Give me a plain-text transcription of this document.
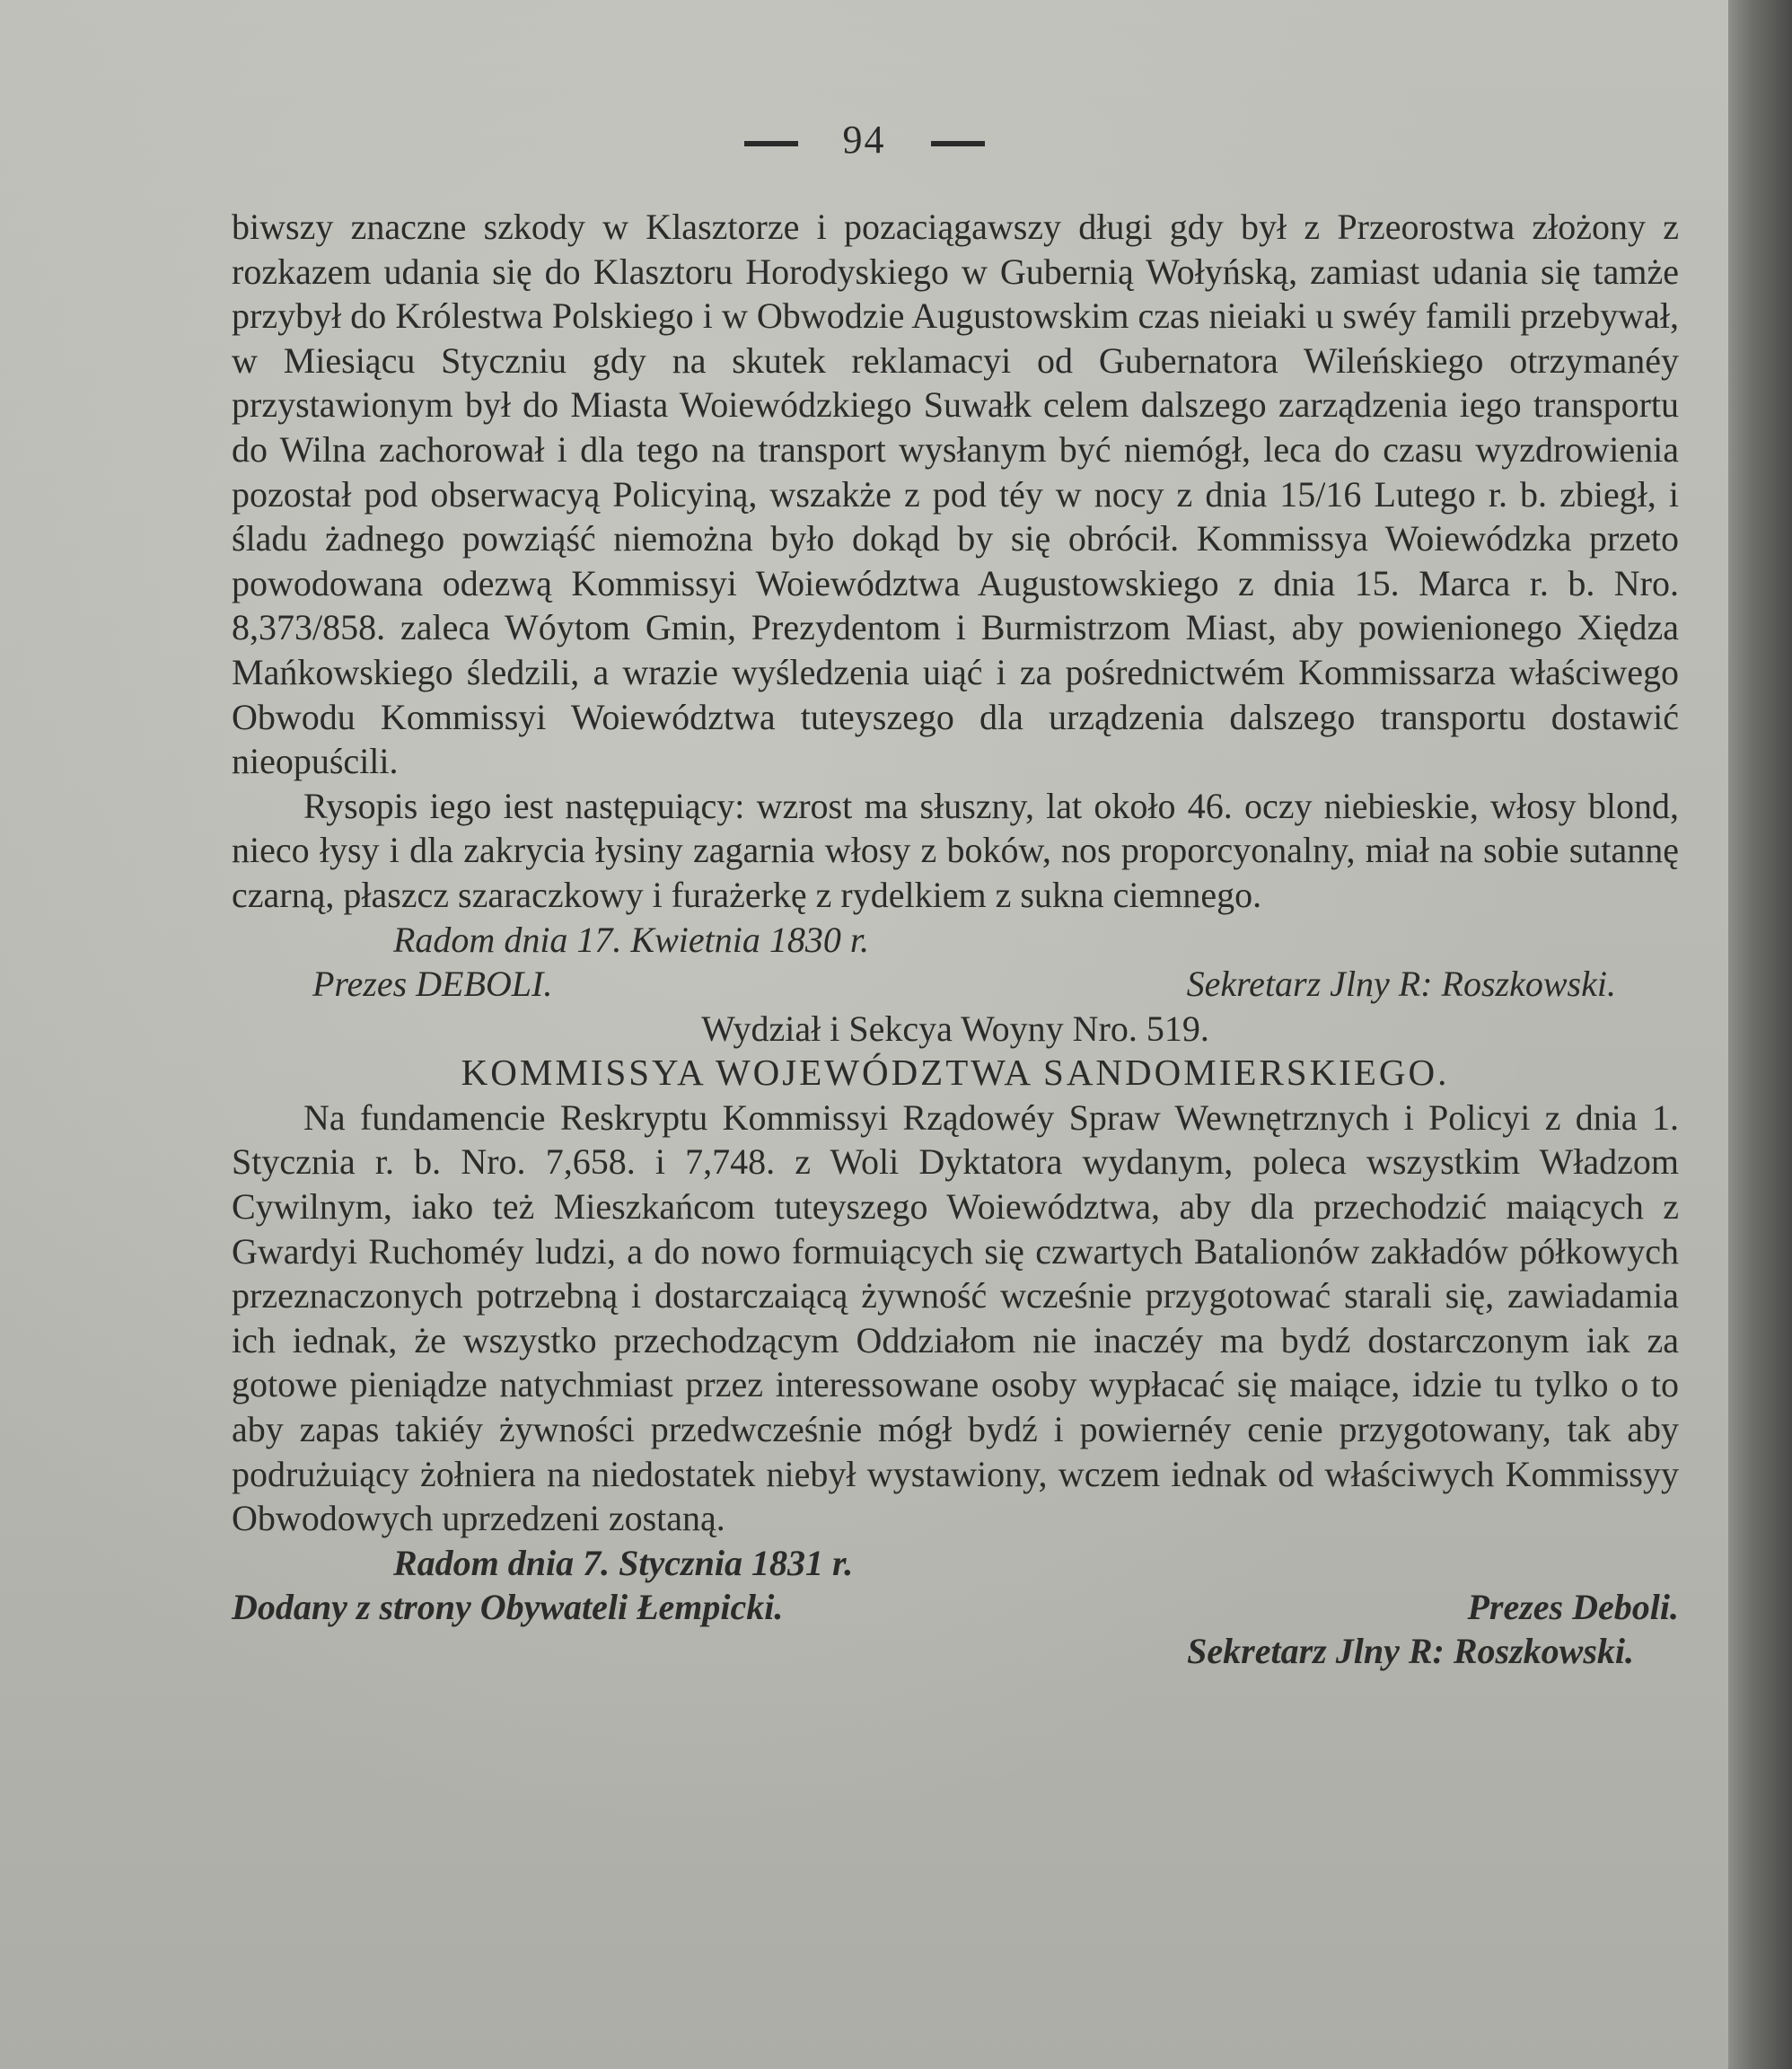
94

biwszy znaczne szkody w Klasztorze i pozaciągawszy długi gdy był z Przeorostwa złożony z rozkazem udania się do Klasztoru Horodyskiego w Gubernią Wołyńską, zamiast udania się tamże przybył do Królestwa Polskiego i w Obwodzie Augustowskim czas nieiaki u swéy famili przebywał, w Miesiącu Styczniu gdy na skutek reklamacyi od Gubernatora Wileńskiego otrzymanéy przystawionym był do Miasta Woiewódzkiego Suwałk celem dalszego zarządzenia iego transportu do Wilna zachorował i dla tego na transport wysłanym być niemógł, leca do czasu wyzdrowienia pozostał pod obserwacyą Policyiną, wszakże z pod téy w nocy z dnia 15/16 Lutego r. b. zbiegł, i śladu żadnego powziąść niemożna było dokąd by się obrócił. Kommissya Woiewódzka przeto powodowana odezwą Kommissyi Woiewództwa Augustowskiego z dnia 15. Marca r. b. Nro. 8,373/858. zaleca Wóytom Gmin, Prezydentom i Burmistrzom Miast, aby powienionego Xiędza Mańkowskiego śledzili, a wrazie wyśledzenia uiąć i za pośrednictwém Kommissarza właściwego Obwodu Kommissyi Woiewództwa tuteyszego dla urządzenia dalszego transportu dostawić nieopuścili.

Rysopis iego iest następuiący: wzrost ma słuszny, lat około 46. oczy niebieskie, włosy blond, nieco łysy i dla zakrycia łysiny zagarnia włosy z boków, nos proporcyonalny, miał na sobie sutannę czarną, płaszcz szaraczkowy i furażerkę z rydelkiem z sukna ciemnego.

Radom dnia 17. Kwietnia 1830 r.

Prezes DEBOLI.	Sekretarz Jlny R: Roszkowski.

Wydział i Sekcya Woyny Nro. 519.

KOMMISSYA WOJEWÓDZTWA SANDOMIERSKIEGO.

Na fundamencie Reskryptu Kommissyi Rządowéy Spraw Wewnętrznych i Policyi z dnia 1. Stycznia r. b. Nro. 7,658. i 7,748. z Woli Dyktatora wydanym, poleca wszystkim Władzom Cywilnym, iako też Mieszkańcom tuteyszego Woiewództwa, aby dla przechodzić maiących z Gwardyi Ruchoméy ludzi, a do nowo formuiących się czwartych Batalionów zakładów półkowych przeznaczonych potrzebną i dostarczaiącą żywność wcześnie przygotować starali się, zawiadamia ich iednak, że wszystko przechodzącym Oddziałom nie inaczéy ma bydź dostarczonym iak za gotowe pieniądze natychmiast przez interessowane osoby wypłacać się maiące, idzie tu tylko o to aby zapas takiéy żywności przedwcześnie mógł bydź i powiernéy cenie przygotowany, tak aby podrużuiący żołniera na niedostatek niebył wystawiony, wczem iednak od właściwych Kommissyy Obwodowych uprzedzeni zostaną.

Radom dnia 7. Stycznia 1831 r.

Dodany z strony Obywateli Łempicki.	Prezes Deboli.
Sekretarz Jlny R: Roszkowski.
